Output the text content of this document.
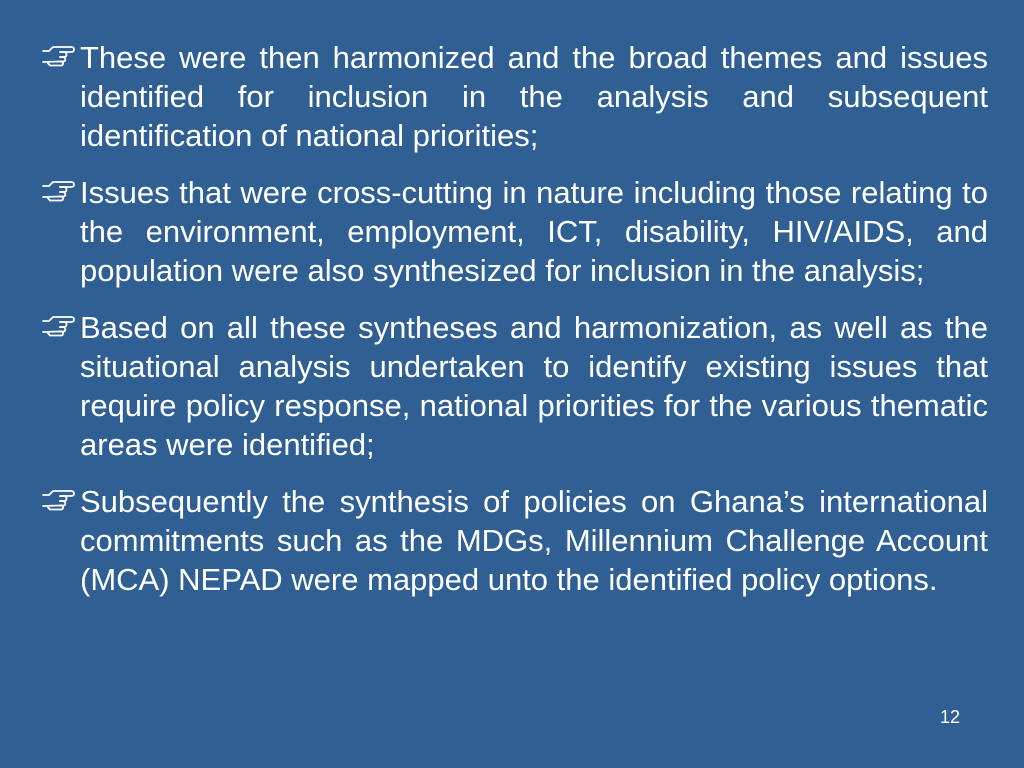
These were then harmonized and the broad themes and issues identified for inclusion in the analysis and subsequent identification of national priorities;
Issues that were cross-cutting in nature including those relating to the environment, employment, ICT, disability, HIV/AIDS, and population were also synthesized for inclusion in the analysis;
Based on all these syntheses and harmonization, as well as the situational analysis undertaken to identify existing issues that require policy response, national priorities for the various thematic areas were identified;
Subsequently the synthesis of policies on Ghana’s international commitments such as the MDGs, Millennium Challenge Account (MCA) NEPAD were mapped unto the identified policy options.
12
